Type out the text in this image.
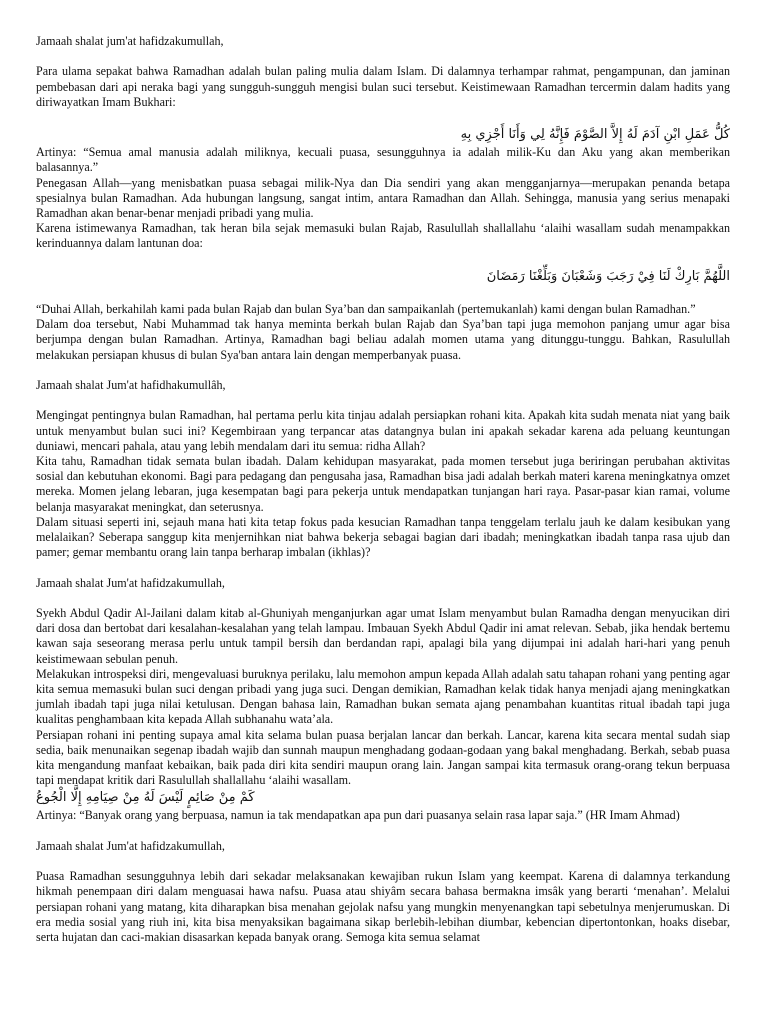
Jamaah shalat jum'at hafidzakumullah,

Para ulama sepakat bahwa Ramadhan adalah bulan paling mulia dalam Islam. Di dalamnya terhampar rahmat, pengampunan, dan jaminan pembebasan dari api neraka bagi yang sungguh-sungguh mengisi bulan suci tersebut. Keistimewaan Ramadhan tercermin dalam hadits yang diriwayatkan Imam Bukhari:

كُلُّ عَمَلِ ابْنِ آدَمَ لَهُ إِلاَّ الصَّوْمَ فَإِنَّهُ لِي وَأَنَا أَجْزِي بِهِ

Artinya: “Semua amal manusia adalah miliknya, kecuali puasa, sesungguhnya ia adalah milik-Ku dan Aku yang akan memberikan balasannya.”

Penegasan Allah—yang menisbatkan puasa sebagai milik-Nya dan Dia sendiri yang akan mengganjarnya—merupakan penanda betapa spesialnya bulan Ramadhan. Ada hubungan langsung, sangat intim, antara Ramadhan dan Allah. Sehingga, manusia yang serius menapaki Ramadhan akan benar-benar menjadi pribadi yang mulia.

Karena istimewanya Ramadhan, tak heran bila sejak memasuki bulan Rajab, Rasulullah shallallahu ‘alaihi wasallam sudah menampakkan kerinduannya dalam lantunan doa:

اللَّهُمَّ بَارِكْ لَنَا فِيْ رَجَبَ وَشَعْبَانَ وَبَلِّغْنَا رَمَضَانَ

“Duhai Allah, berkahilah kami pada bulan Rajab dan bulan Sya’ban dan sampaikanlah (pertemukanlah) kami dengan bulan Ramadhan.”

Dalam doa tersebut, Nabi Muhammad tak hanya meminta berkah bulan Rajab dan Sya’ban tapi juga memohon panjang umur agar bisa berjumpa dengan bulan Ramadhan. Artinya, Ramadhan bagi beliau adalah momen utama yang ditunggu-tunggu. Bahkan, Rasulullah melakukan persiapan khusus di bulan Sya'ban antara lain dengan memperbanyak puasa.

Jamaah shalat Jum'at hafidhakumullâh,

Mengingat pentingnya bulan Ramadhan, hal pertama perlu kita tinjau adalah persiapkan rohani kita. Apakah kita sudah menata niat yang baik untuk menyambut bulan suci ini? Kegembiraan yang terpancar atas datangnya bulan ini apakah sekadar karena ada peluang keuntungan duniawi, mencari pahala, atau yang lebih mendalam dari itu semua: ridha Allah?

Kita tahu, Ramadhan tidak semata bulan ibadah. Dalam kehidupan masyarakat, pada momen tersebut juga beriringan perubahan aktivitas sosial dan kebutuhan ekonomi. Bagi para pedagang dan pengusaha jasa, Ramadhan bisa jadi adalah berkah materi karena meningkatnya omzet mereka. Momen jelang lebaran, juga kesempatan bagi para pekerja untuk mendapatkan tunjangan hari raya. Pasar-pasar kian ramai, volume belanja masyarakat meningkat, dan seterusnya.

Dalam situasi seperti ini, sejauh mana hati kita tetap fokus pada kesucian Ramadhan tanpa tenggelam terlalu jauh ke dalam kesibukan yang melalaikan? Seberapa sanggup kita menjernihkan niat bahwa bekerja sebagai bagian dari ibadah; meningkatkan ibadah tanpa rasa ujub dan pamer; gemar membantu orang lain tanpa berharap imbalan (ikhlas)?

Jamaah shalat Jum'at hafidzakumullah,

Syekh Abdul Qadir Al-Jailani dalam kitab al-Ghuniyah menganjurkan agar umat Islam menyambut bulan Ramadha dengan menyucikan diri dari dosa dan bertobat dari kesalahan-kesalahan yang telah lampau. Imbauan Syekh Abdul Qadir ini amat relevan. Sebab, jika hendak bertemu kawan saja seseorang merasa perlu untuk tampil bersih dan berdandan rapi, apalagi bila yang dijumpai ini adalah hari-hari yang penuh keistimewaan sebulan penuh.

Melakukan introspeksi diri, mengevaluasi buruknya perilaku, lalu memohon ampun kepada Allah adalah satu tahapan rohani yang penting agar kita semua memasuki bulan suci dengan pribadi yang juga suci. Dengan demikian, Ramadhan kelak tidak hanya menjadi ajang meningkatkan jumlah ibadah tapi juga nilai ketulusan. Dengan bahasa lain, Ramadhan bukan semata ajang penambahan kuantitas ritual ibadah tapi juga kualitas penghambaan kita kepada Allah subhanahu wata’ala.

Persiapan rohani ini penting supaya amal kita selama bulan puasa berjalan lancar dan berkah. Lancar, karena kita secara mental sudah siap sedia, baik menunaikan segenap ibadah wajib dan sunnah maupun menghadang godaan-godaan yang bakal menghadang. Berkah, sebab puasa kita mengandung manfaat kebaikan, baik pada diri kita sendiri maupun orang lain. Jangan sampai kita termasuk orang-orang tekun berpuasa tapi mendapat kritik dari Rasulullah shallallahu ‘alaihi wasallam.

كَمْ مِنْ صَائِمٍ لَيْسَ لَهُ مِنْ صِيَامِهِ إِلَّا الْجُوعُ

Artinya: “Banyak orang yang berpuasa, namun ia tak mendapatkan apa pun dari puasanya selain rasa lapar saja.” (HR Imam Ahmad)

Jamaah shalat Jum'at hafidzakumullah,

Puasa Ramadhan sesungguhnya lebih dari sekadar melaksanakan kewajiban rukun Islam yang keempat. Karena di dalamnya terkandung hikmah penempaan diri dalam menguasai hawa nafsu. Puasa atau shiyâm secara bahasa bermakna imsâk yang berarti ‘menahan’. Melalui persiapan rohani yang matang, kita diharapkan bisa menahan gejolak nafsu yang mungkin menyenangkan tapi sebetulnya menjerumuskan. Di era media sosial yang riuh ini, kita bisa menyaksikan bagaimana sikap berlebih-lebihan diumbar, kebencian dipertontonkan, hoaks disebar, serta hujatan dan caci-makian disasarkan kepada banyak orang. Semoga kita semua selamat
